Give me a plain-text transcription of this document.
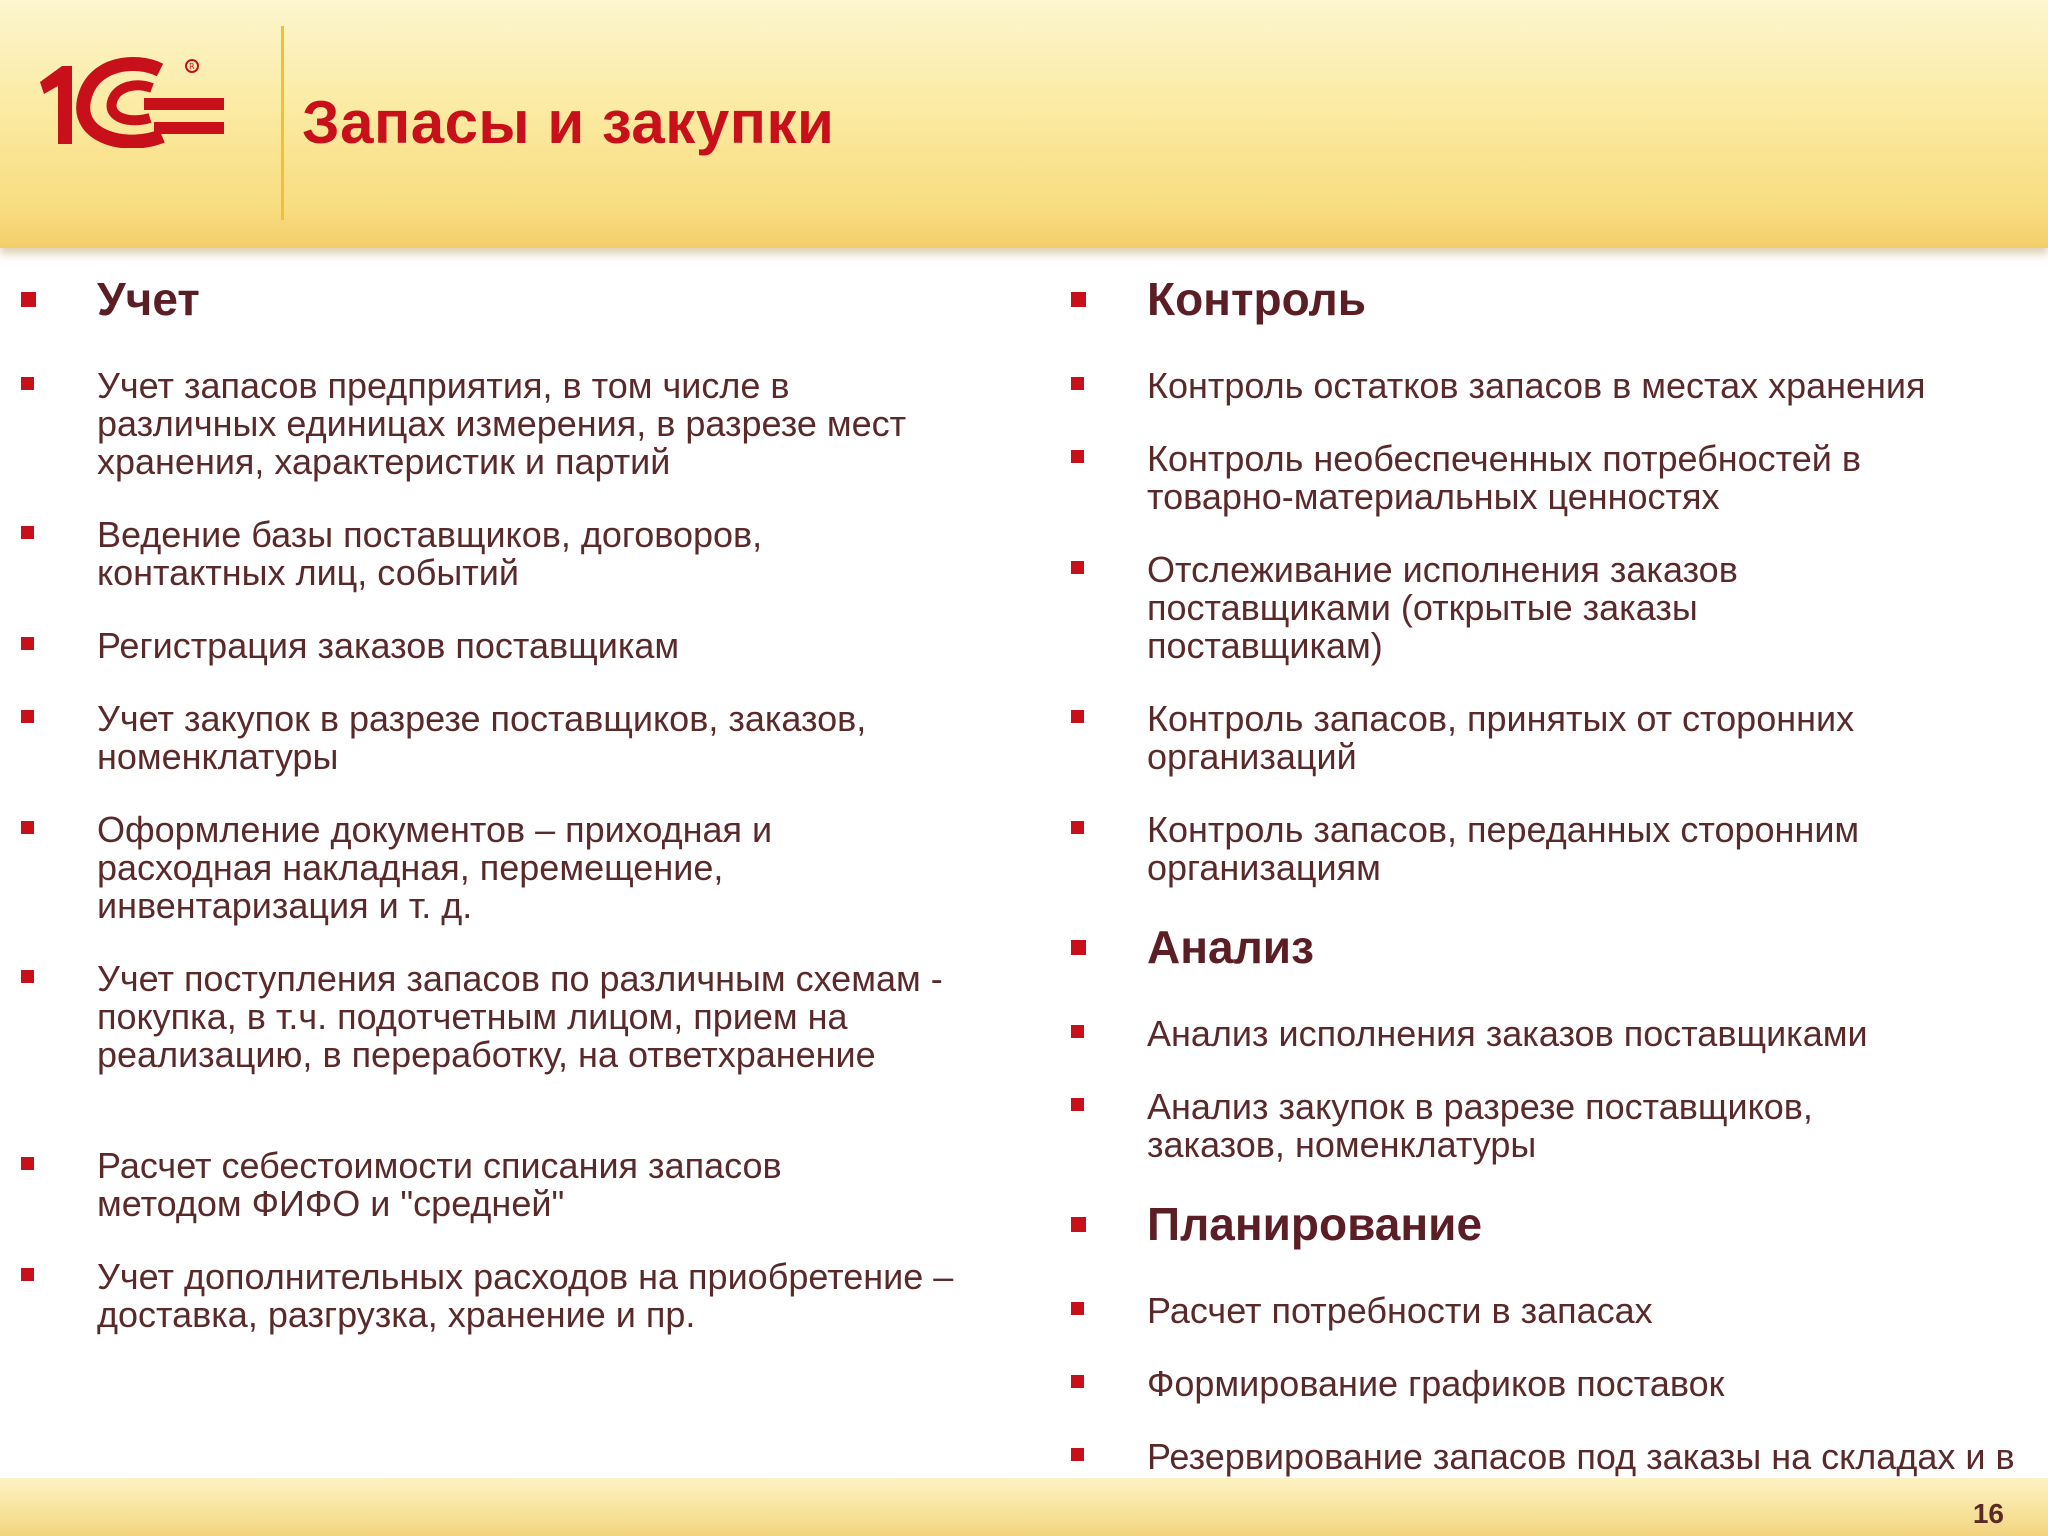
R
Запасы и закупки
Учет
Учет запасов предприятия, в том числе в различных единицах измерения, в разрезе мест хранения, характеристик и партий
Ведение базы поставщиков, договоров, контактных лиц, событий
Регистрация заказов поставщикам
Учет закупок в разрезе поставщиков, заказов, номенклатуры
Оформление документов – приходная и расходная накладная, перемещение, инвентаризация и т. д.
Учет поступления запасов по различным схемам - покупка, в т.ч. подотчетным лицом, прием на реализацию, в переработку, на ответхранение
Расчет себестоимости списания запасов методом ФИФО и "средней"
Учет дополнительных расходов на приобретение – доставка, разгрузка, хранение и пр.
Контроль
Контроль остатков запасов в местах хранения
Контроль необеспеченных потребностей в товарно-материальных ценностях
Отслеживание исполнения заказов поставщиками (открытые заказы поставщикам)
Контроль запасов, принятых от сторонних организаций
Контроль запасов, переданных сторонним организациям
Анализ
Анализ исполнения заказов поставщиками
Анализ закупок в разрезе поставщиков, заказов, номенклатуры
Планирование
Расчет потребности в запасах
Формирование графиков поставок
Резервирование запасов под заказы на складах и в
16
